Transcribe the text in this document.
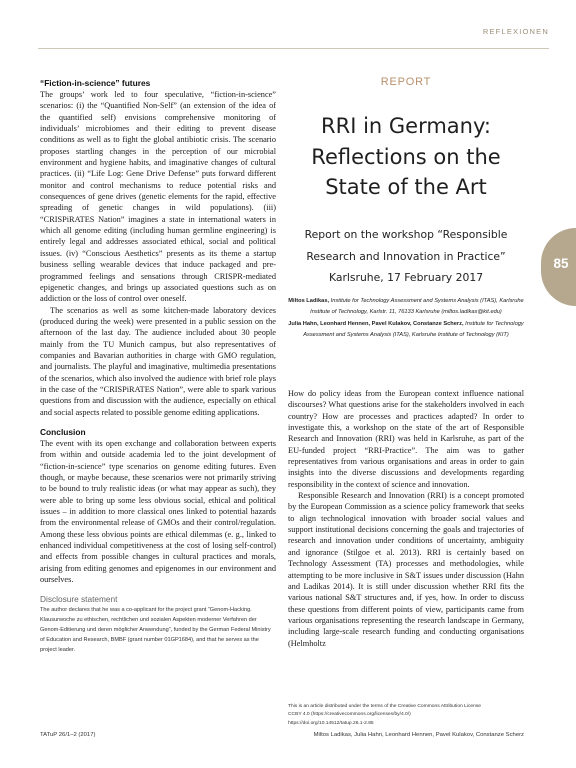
REFLEXIONEN
85
“Fiction-in-science” futures

The groups’ work led to four speculative, “fiction-in-science” scenarios: (i) the “Quantified Non-Self” (an extension of the idea of the quantified self) envisions comprehensive monitoring of individuals’ microbiomes and their editing to prevent disease conditions as well as to fight the global antibiotic crisis. The scenario proposes startling changes in the perception of our microbial environment and hygiene habits, and imaginative changes of cultural practices. (ii) “Life Log: Gene Drive Defense” puts forward different monitor and control mechanisms to reduce potential risks and consequences of gene drives (genetic elements for the rapid, effective spreading of genetic changes in wild populations). (iii) “CRISPiRATES Nation” imagines a state in international waters in which all genome editing (including human germline engineering) is entirely legal and addresses associated ethical, social and political issues. (iv) “Conscious Aesthetics” presents as its theme a startup business selling wearable devices that induce packaged and pre-programmed feelings and sensations through CRISPR-mediated epigenetic changes, and brings up associated questions such as on addiction or the loss of control over oneself.

The scenarios as well as some kitchen-made laboratory devices (produced during the week) were presented in a public session on the afternoon of the last day. The audience included about 30 people mainly from the TU Munich campus, but also representatives of companies and Bavarian authorities in charge with GMO regulation, and journalists. The playful and imaginative, multimedia presentations of the scenarios, which also involved the audience with brief role plays in the case of the “CRISPiRATES Nation”, were able to spark various questions from and discussion with the audience, especially on ethical and social aspects related to possible genome editing applications.

Conclusion

The event with its open exchange and collaboration between experts from within and outside academia led to the joint development of “fiction-in-science” type scenarios on genome editing futures. Even though, or maybe because, these scenarios were not primarily striving to be bound to truly realistic ideas (or what may appear as such), they were able to bring up some less obvious social, ethical and political issues – in addition to more classical ones linked to potential hazards from the environmental release of GMOs and their control/regulation. Among these less obvious points are ethical dilemmas (e. g., linked to enhanced individual competitiveness at the cost of losing self-control) and effects from possible changes in cultural practices and morals, arising from editing genomes and epigenomes in our environment and ourselves.

Disclosure statement

The author declares that he was a co-applicant for the project grant “Genom-Hacking. Klausurwoche zu ethischen, rechtlichen und sozialen Aspekten moderner Verfahren der Genom-Editierung und deren möglicher Anwendung”, funded by the German Federal Ministry of Education and Research, BMBF (grant number 01GP1684), and that he serves as the project leader.

REPORT
RRI in Germany: Reflections on the State of the Art
Report on the workshop “Responsible Research and Innovation in Practice”
Karlsruhe, 17 February 2017
Miltos Ladikas, Institute for Technology Assessment and Systems Analysis (ITAS), Karlsruhe Institute of Technology, Karlstr. 11, 76133 Karlsruhe (miltos.ladikas@kit.edu)
Julia Hahn, Leonhard Hennen, Pavel Kulakov, Constanze Scherz, Institute for Technology Assessment and Systems Analysis (ITAS), Karlsruhe Institute of Technology (KIT)

How do policy ideas from the European context influence national discourses? What questions arise for the stakeholders involved in each country? How are processes and practices adapted? In order to investigate this, a workshop on the state of the art of Responsible Research and Innovation (RRI) was held in Karlsruhe, as part of the EU-funded project “RRI-Practice”. The aim was to gather representatives from various organisations and areas in order to gain insights into the diverse discussions and developments regarding responsibility in the context of science and innovation.

Responsible Research and Innovation (RRI) is a concept promoted by the European Commission as a science policy framework that seeks to align technological innovation with broader social values and support institutional decisions concerning the goals and trajectories of research and innovation under conditions of uncertainty, ambiguity and ignorance (Stilgoe et al. 2013). RRI is certainly based on Technology Assessment (TA) processes and methodologies, while attempting to be more inclusive in S&T issues under discussion (Hahn and Ladikas 2014). It is still under discussion whether RRI fits the various national S&T structures and, if yes, how. In order to discuss these questions from different points of view, participants came from various organisations representing the research landscape in Germany, including large-scale research funding and conducting organisations (Helmholtz

This is an article distributed under the terms of the Creative Commons Attribution License
CCBY 4.0 (https://creativecommons.org/licenses/by/4.0/)
https://doi.org/10.14512/tatup.26.1-2.85
TATuP 26/1–2 (2017)	Miltos Ladikas, Julia Hahn, Leonhard Hennen, Pavel Kulakov, Constanze Scherz
